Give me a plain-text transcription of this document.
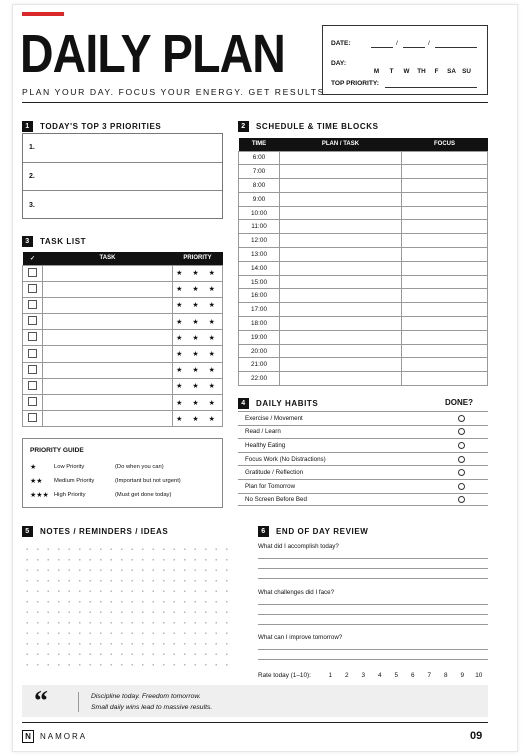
DAILY PLAN
PLAN YOUR DAY. FOCUS YOUR ENERGY. GET RESULTS.
DATE:	/	/
DAY:
M T W TH F SA SU
TOP PRIORITY:
1	TODAY'S TOP 3 PRIORITIES
1.
2.
3.
3	TASK LIST
✓	TASK	PRIORITY
		★ ★ ★
		★ ★ ★
		★ ★ ★
		★ ★ ★
		★ ★ ★
		★ ★ ★
		★ ★ ★
		★ ★ ★
		★ ★ ★
		★ ★ ★
PRIORITY GUIDE
★	Low Priority	(Do when you can)
★★	Medium Priority	(Important but not urgent)
★★★ High Priority	(Must get done today)
2	SCHEDULE & TIME BLOCKS
TIME	PLAN / TASK	FOCUS
6:00		
7:00		
8:00		
9:00		
10:00		
11:00		
12:00		
13:00		
14:00		
15:00		
16:00		
17:00		
18:00		
19:00		
20:00		
21:00		
22:00		
4	DAILY HABITS	DONE?
Exercise / Movement
Read / Learn
Healthy Eating
Focus Work (No Distractions)
Gratitude / Reflection
Plan for Tomorrow
No Screen Before Bed
5	NOTES / REMINDERS / IDEAS	6	END OF DAY REVIEW
What did I accomplish today?
What challenges did I face?
What can I improve tomorrow?
Rate today (1–10):	1	2	3	4	5	6	7	8	9	10
“	Discipline today. Freedom tomorrow.
Small daily wins lead to massive results.
N	NAMORA	09
